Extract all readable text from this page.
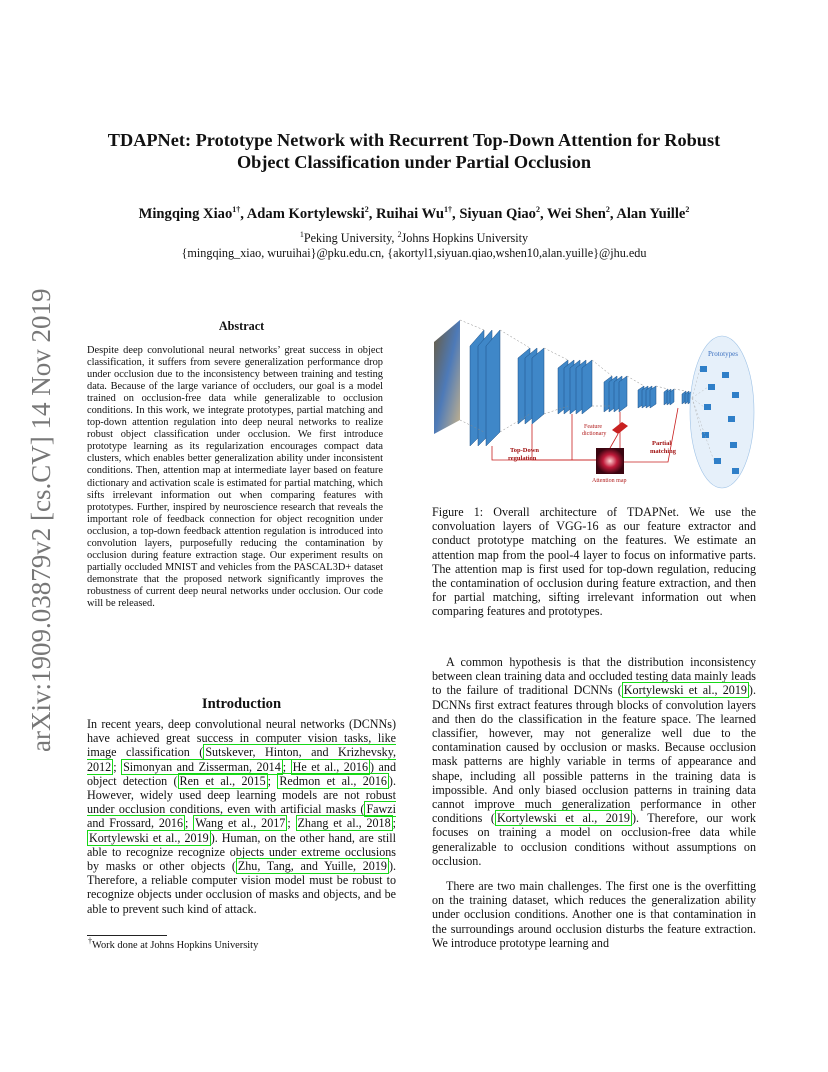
arXiv:1909.03879v2 [cs.CV] 14 Nov 2019
TDAPNet: Prototype Network with Recurrent Top-Down Attention for Robust
Object Classification under Partial Occlusion
Mingqing Xiao$^{1\dagger}$, Adam Kortylewski$^2$, Ruihai $Wu^{1\dagger}$, Siyuan Qiao$^2$, Wei Shen$^2$, Alan Yuille$^2$
$^1$Peking University, $^2$Johns Hopkins University
{mingqing_xiao, wuruihai}@pku.edu.cn, {akortyl1,siyuan.qiao,wshen10,alan.yuille}@jhu.edu
Abstract

Despite deep convolutional neural networks’ great success in object classification, it suffers from severe generalization performance drop under occlusion due to the inconsistency between training and testing data. Because of the large variance of occluders, our goal is a model trained on occlusion-free data while generalizable to occlusion conditions. In this work, we integrate prototypes, partial matching and top-down attention regulation into deep neural networks to realize robust object classification under occlusion. We first introduce prototype learning as its regularization encourages compact data clusters, which enables better generalization ability under inconsistent conditions. Then, attention map at intermediate layer based on feature dictionary and activation scale is estimated for partial matching, which sifts irrelevant information out when comparing features with prototypes. Further, inspired by neuroscience research that reveals the important role of feedback connection for object recognition under occlusion, a top-down feedback attention regulation is introduced into convolution layers, purposefully reducing the contamination by occlusion during feature extraction stage. Our experiment results on partially occluded MNIST and vehicles from the PASCAL3D+ dataset demonstrate that the proposed network significantly improves the robustness of current deep neural networks under occlusion. Our code will be released.

Introduction

In recent years, deep convolutional neural networks (DCNNs) have achieved great success in computer vision tasks, like image classification ( Sutskever, Hinton, and Krizhevsky, 2012 ; Simonyan and Zisserman, 2014 ; He et al., 2016 ) and object detection ( Ren et al., 2015 ; Redmon et al., 2016 ). However, widely used deep learning models are not robust under occlusion conditions, even with artificial masks ( Fawzi and Frossard, 2016 ; Wang et al., 2017 ; Zhang et al., 2018 ; Kortylewski et al., 2019 ). Human, on the other hand, are still able to recognize recognize objects under extreme occlusions by masks or other objects ( Zhu, Tang, and Yuille, 2019 ). Therefore, a reliable computer vision model must be robust to recognize objects under occlusion of masks and objects, and be able to prevent such kind of attack.

†Work done at Johns Hopkins University
Prototypes
Feature
dictionary
Attention map
Top-Down
regulation
Partial
matching

Figure 1: Overall architecture of TDAPNet. We use the convoluation layers of VGG-16 as our feature extractor and conduct prototype matching on the features. We estimate an attention map from the pool-4 layer to focus on informative parts. The attention map is first used for top-down regulation, reducing the contamination of occlusion during feature extraction, and then for partial matching, sifting irrelevant information out when comparing features and prototypes.

A common hypothesis is that the distribution inconsistency between clean training data and occluded testing data mainly leads to the failure of traditional DCNNs ( Kortylewski et al., 2019 ). DCNNs first extract features through blocks of convolution layers and then do the classification in the feature space. The learned classifier, however, may not generalize well due to the contamination caused by occlusion or masks. Because occlusion mask patterns are highly variable in terms of appearance and shape, including all possible patterns in the training data is impossible. And only biased occlusion patterns in training data cannot improve much generalization performance in other conditions ( Kortylewski et al., 2019 ). Therefore, our work focuses on training a model on occlusion-free data while generalizable to occlusion conditions without assumptions on occlusion.

There are two main challenges. The first one is the overfitting on the training dataset, which reduces the generalization ability under occlusion conditions. Another one is that contamination in the surroundings around occlusion disturbs the feature extraction. We introduce prototype learning and
